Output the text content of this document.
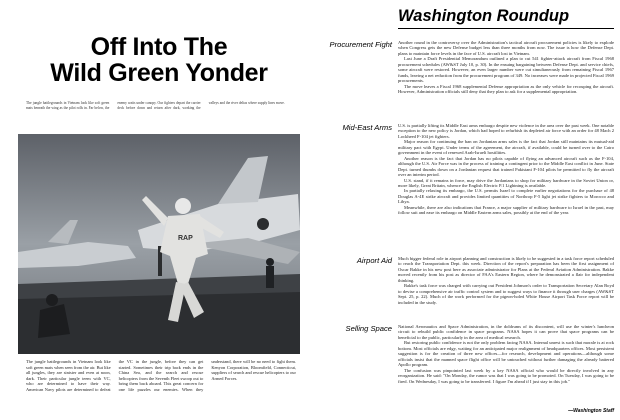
Off Into The
Wild Green Yonder
The jungle battlegrounds in Vietnam look like soft green mats beneath the wing as the pilot rolls in. Far below, the enemy waits under canopy. Our fighters depart the carrier deck before dawn and return after dark, working the valleys and the river deltas where supply lines move.
RAP
The jungle battlegrounds in Vietnam look like soft green mats when seen from the air. But like all jungles, they are sinister and even at noon, dark. Their particular jungle teem with VC, who are determined to have their way. American Navy pilots are determined to defeat the VC in the jungle, before they can get started. Sometimes their trip back ends in the China Sea, and the search and rescue helicopters from the Seventh Fleet swoop out to bring them back aboard. This great concern for one life puzzles our enemies. When they understand, there will be no need to fight them. Kenyon Corporation, Bloomfield, Connecticut, suppliers of search and rescue helicopters to our Armed Forces.
Washington Roundup
Procurement Fight Another round in the controversy over the Administration's tactical aircraft procurement policies is likely to explode when Congress gets the new Defense budget less than three months from now. The issue is how the Defense Dept. plans to maintain force levels in the face of U.S. aircraft lost in Vietnam.

Last June a Draft Presidential Memorandum outlined a plan to cut 541 fighter-attack aircraft from Fiscal 1968 procurement schedules (AW&ST July 10, p. 30). In the ensuing bargaining between Defense Dept. and service chiefs, some aircraft were restored. However, an even larger number were cut simultaneously from remaining Fiscal 1967 funds, leaving a net reduction from the procurement program of 349. No increases were made in projected Fiscal 1969 procurements.

The move leaves a Fiscal 1968 supplemental Defense appropriation as the only vehicle for recouping the aircraft. However, Administration officials still deny that they plan to ask for a supplemental appropriation.

Mid-East Arms U.S. is partially lifting its Middle East arms embargo despite new violence in the area over the past week. One notable exception to the new policy is Jordan, which had hoped to refurbish its depleted air force with an order for 48 Mach 2 Lockheed F-104 jet fighters.

Major reason for continuing the ban on Jordanian arms sales is the fact that Jordan still maintains its mutual-aid military pact with Egypt. Under terms of the agreement, the aircraft, if available, could be turned over to the Cairo government in the event of renewed Arab-Israeli hostilities.

Another reason is the fact that Jordan has no pilots capable of flying an advanced aircraft such as the F-104, although the U.S. Air Force was in the process of training a contingent prior to the Middle East conflict in June. State Dept. turned thumbs down on a Jordanian request that trained Pakistani F-104 pilots be permitted to fly the aircraft over an interim period.

U.S. stand, if it remains in force, may drive the Jordanians to shop for military hardware in the Soviet Union or, more likely, Great Britain, whence the English Electric P.1 Lightning is available.

In partially relaxing its embargo, the U.S. permits Israel to complete earlier negotiations for the purchase of 48 Douglas A-4E strike aircraft and provides limited quantities of Northrop F-5 light jet strike fighters to Morocco and Libya.

Meanwhile, there are also indications that France, a major supplier of military hardware to Israel in the past, may follow suit and ease its embargo on Middle Eastern arms sales, possibly at the end of the year.

Airport Aid Much bigger federal role in airport planning and construction is likely to be suggested in a task force report scheduled to reach the Transportation Dept. this week. Direction of the report's preparation has been the first assignment of Oscar Bakke in his new post here as associate administrator for Plans at the Federal Aviation Administration. Bakke moved recently from his post as director of FAA's Eastern Region, where he demonstrated a flair for independent thinking.

Bakke's task force was charged with carrying out President Johnson's order to Transportation Secretary Alan Boyd to devise a comprehensive air traffic control system and to suggest ways to finance it through user charges (AW&ST Sept. 25, p. 22). Much of the work performed for the pigeon-holed White House Airport Task Force report will be included in the study.

Selling Space National Aeronautics and Space Administration, in the doldrums of its discontent, will use the winter's luncheon circuit to rebuild public confidence in space programs. NASA hopes it can prove that space programs can be beneficial to the public, particularly in the area of medical research.

But restoring public confidence is not the only problem facing NASA. Internal unrest is such that morale is at rock bottom. Most officials are edgy, waiting for an anticipated major realignment of headquarters offices. Most persistent suggestion is for the creation of three new offices—for research, development and operations—although some officials insist that the manned space flight office will be untouched without further damaging the already battered Apollo program.

The confusion was pinpointed last week by a key NASA official who would be directly involved in any reorganization. He said: "On Monday, the rumor was that I was going to be promoted. On Tuesday, I was going to be fired. On Wednesday, I was going to be transferred. I figure I'm ahead if I just stay in this job."

—Washington Staff
